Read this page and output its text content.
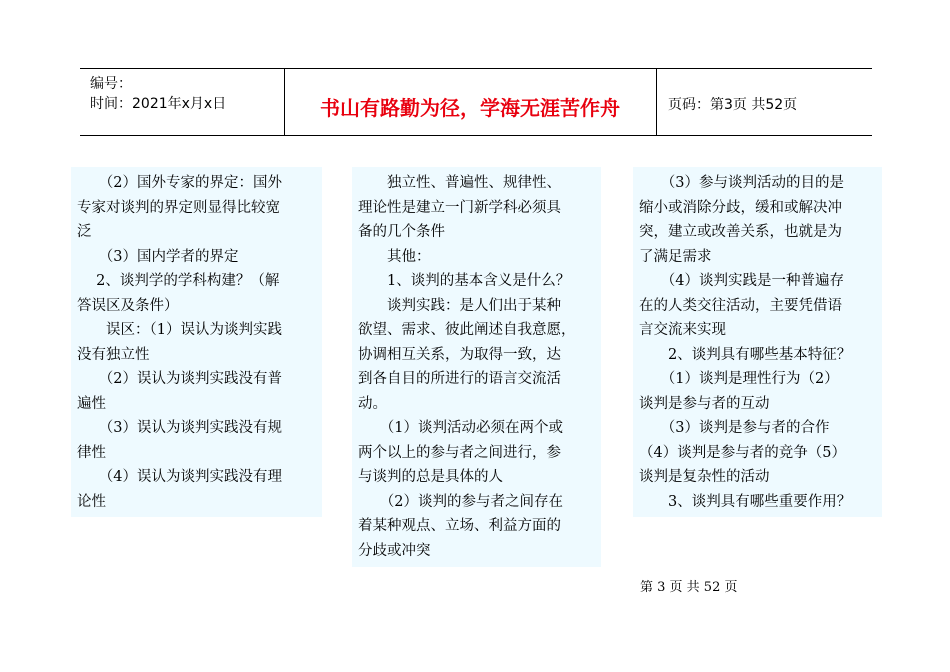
编号：
时间：2021年x月x日	书山有路勤为径，学海无涯苦作舟	页码：第3页 共52页

　　（2）国外专家的界定：国外

专家对谈判的界定则显得比较宽

泛

　　（3）国内学者的界定

　 2、谈判学的学科构建？（解

答误区及条件）

　　误区：（1）误认为谈判实践

没有独立性

　　（2）误认为谈判实践没有普

遍性

　　（3）误认为谈判实践没有规

律性

　　（4）误认为谈判实践没有理

论性

　　独立性、普遍性、规律性、

理论性是建立一门新学科必须具

备的几个条件

　　其他：

　　1、谈判的基本含义是什么？

　　谈判实践：是人们出于某种

欲望、需求、彼此阐述自我意愿，

协调相互关系，为取得一致，达

到各自目的所进行的语言交流活

动。

　　（1）谈判活动必须在两个或

两个以上的参与者之间进行，参

与谈判的总是具体的人

　　（2）谈判的参与者之间存在

着某种观点、立场、利益方面的

分歧或冲突

　　（3）参与谈判活动的目的是

缩小或消除分歧，缓和或解决冲

突，建立或改善关系，也就是为

了满足需求

　　（4）谈判实践是一种普遍存

在的人类交往活动，主要凭借语

言交流来实现

　　2、谈判具有哪些基本特征？

　　（1）谈判是理性行为（2）

谈判是参与者的互动

　　（3）谈判是参与者的合作

（4）谈判是参与者的竞争（5）

谈判是复杂性的活动

　　3、谈判具有哪些重要作用？

第 3 页 共 52 页
